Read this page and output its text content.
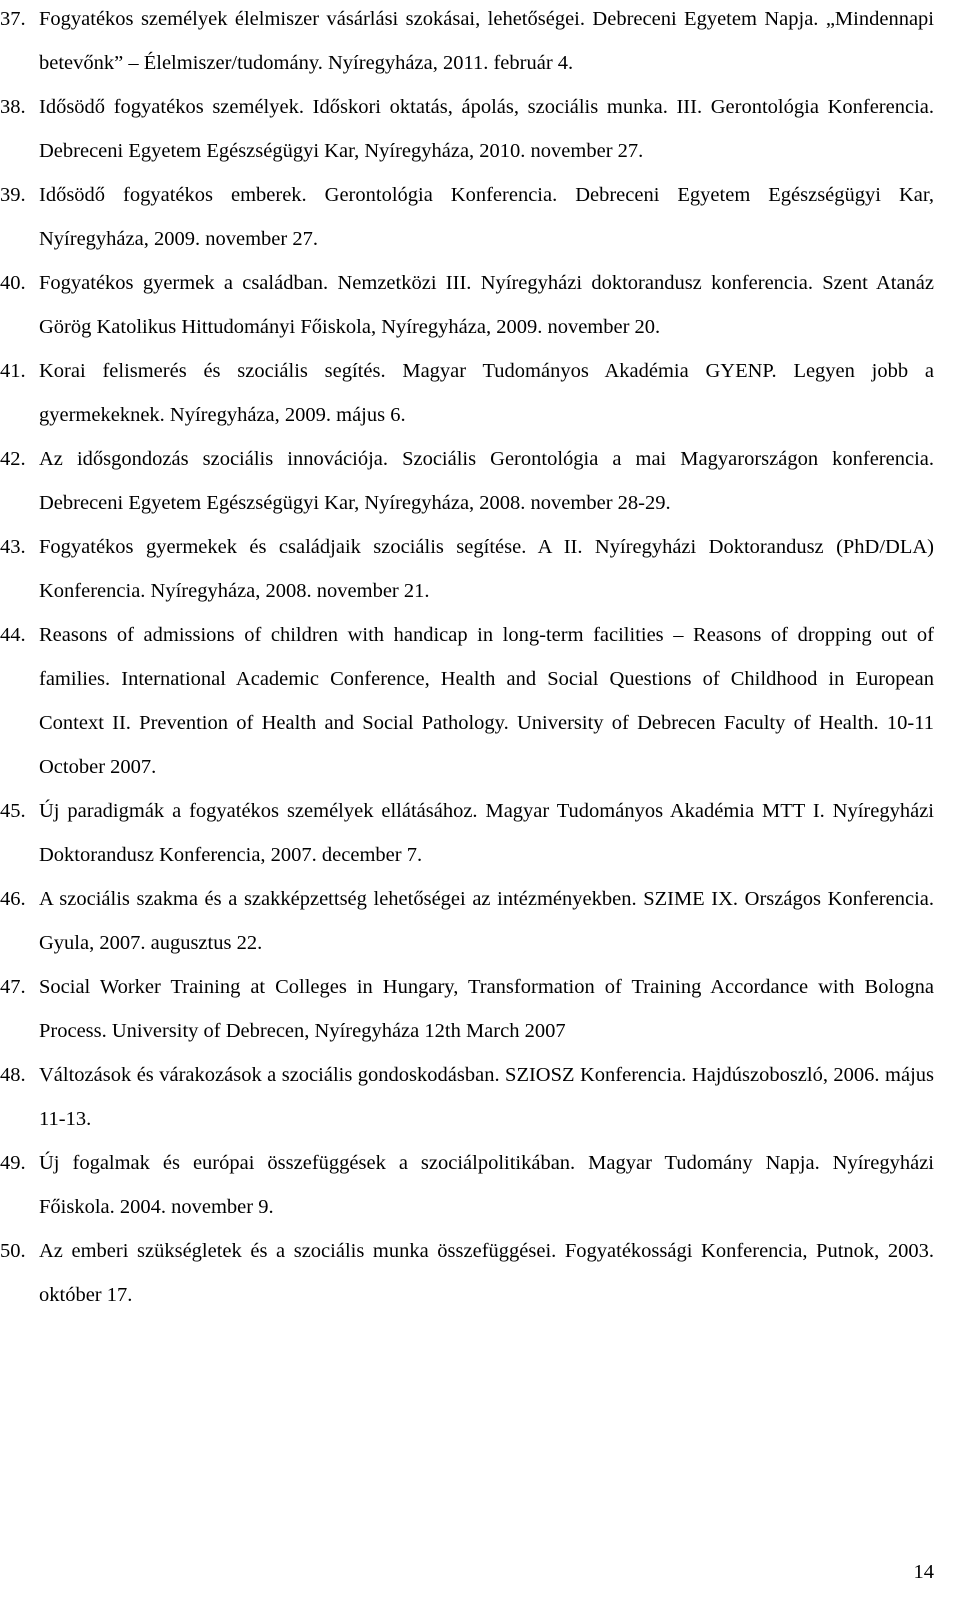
37. Fogyatékos személyek élelmiszer vásárlási szokásai, lehetőségei. Debreceni Egyetem Napja. „Mindennapi betevőnk” – Élelmiszer/tudomány. Nyíregyháza, 2011. február 4.
38. Idősödő fogyatékos személyek. Időskori oktatás, ápolás, szociális munka. III. Gerontológia Konferencia. Debreceni Egyetem Egészségügyi Kar, Nyíregyháza, 2010. november 27.
39. Idősödő fogyatékos emberek. Gerontológia Konferencia. Debreceni Egyetem Egészségügyi Kar, Nyíregyháza, 2009. november 27.
40. Fogyatékos gyermek a családban. Nemzetközi III. Nyíregyházi doktorandusz konferencia. Szent Atanáz Görög Katolikus Hittudományi Főiskola, Nyíregyháza, 2009. november 20.
41. Korai felismerés és szociális segítés. Magyar Tudományos Akadémia GYENP. Legyen jobb a gyermekeknek. Nyíregyháza, 2009. május 6.
42. Az idősgondozás szociális innovációja. Szociális Gerontológia a mai Magyarországon konferencia. Debreceni Egyetem Egészségügyi Kar, Nyíregyháza, 2008. november 28-29.
43. Fogyatékos gyermekek és családjaik szociális segítése. A II. Nyíregyházi Doktorandusz (PhD/DLA) Konferencia. Nyíregyháza, 2008. november 21.
44. Reasons of admissions of children with handicap in long-term facilities – Reasons of dropping out of families. International Academic Conference, Health and Social Questions of Childhood in European Context II. Prevention of Health and Social Pathology. University of Debrecen Faculty of Health. 10-11 October 2007.
45. Új paradigmák a fogyatékos személyek ellátásához. Magyar Tudományos Akadémia MTT I. Nyíregyházi Doktorandusz Konferencia, 2007. december 7.
46. A szociális szakma és a szakképzettség lehetőségei az intézményekben. SZIME IX. Országos Konferencia. Gyula, 2007. augusztus 22.
47. Social Worker Training at Colleges in Hungary, Transformation of Training Accordance with Bologna Process. University of Debrecen, Nyíregyháza 12th March 2007
48. Változások és várakozások a szociális gondoskodásban. SZIOSZ Konferencia. Hajdúszoboszló, 2006. május 11-13.
49. Új fogalmak és európai összefüggések a szociálpolitikában. Magyar Tudomány Napja. Nyíregyházi Főiskola. 2004. november 9.
50. Az emberi szükségletek és a szociális munka összefüggései. Fogyatékossági Konferencia, Putnok, 2003. október 17.
14
